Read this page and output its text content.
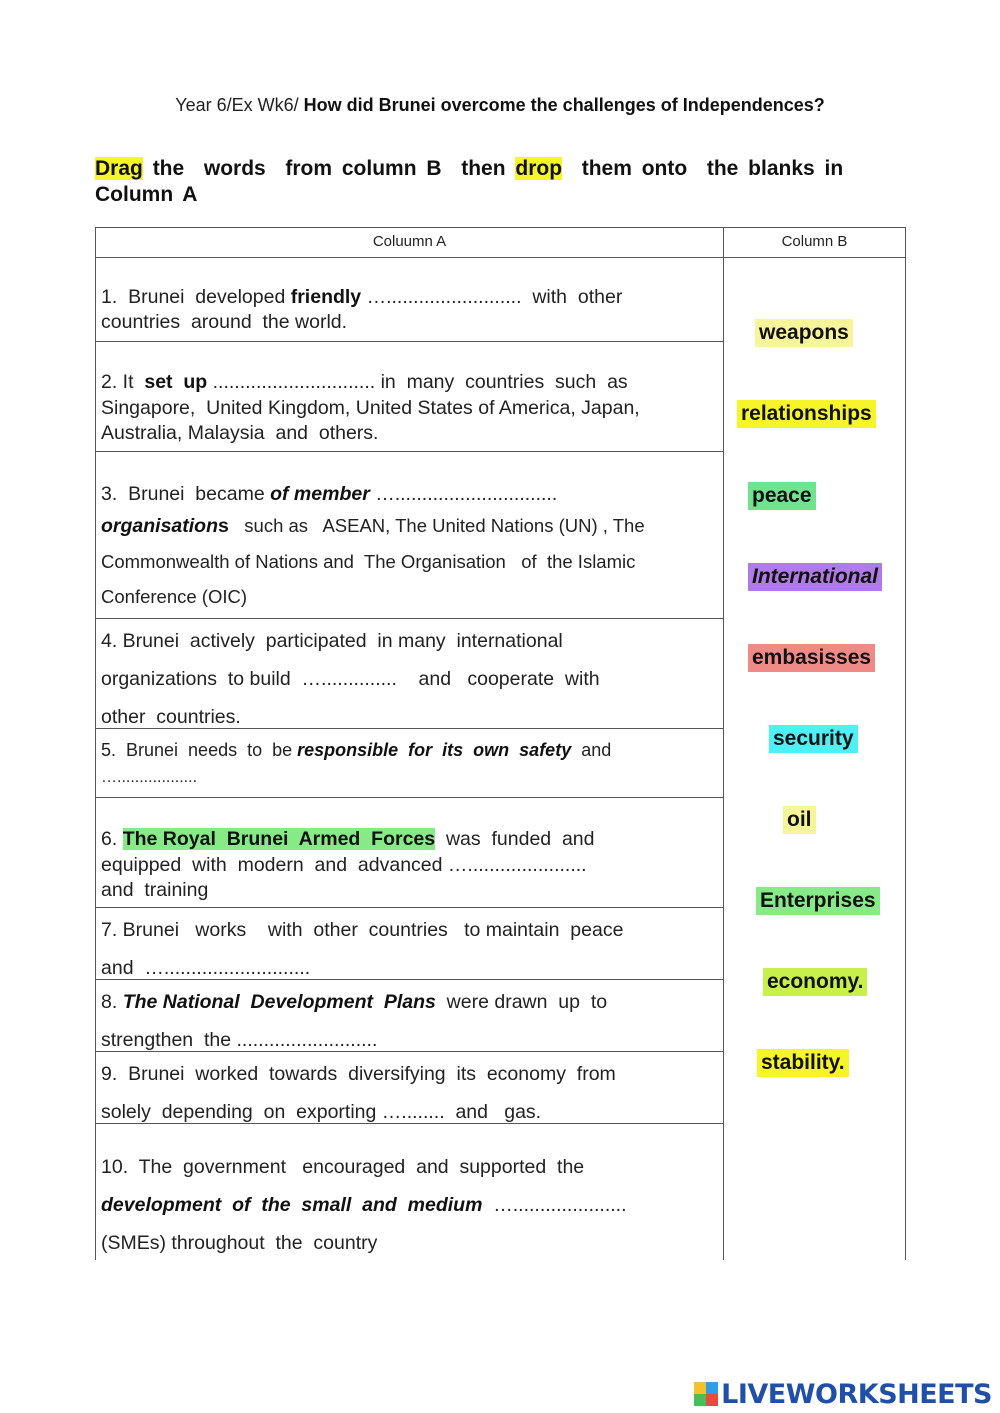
Year 6/Ex Wk6/ How did Brunei overcome the challenges of Independences?
Drag the  words  from column B  then drop  them onto  the blanks in Column A
Coluumn A	Column B
1.  Brunei  developed friendly ….........................  with  other
countries  around  the world.
2. It  set  up .............................. in  many  countries  such  as
Singapore,  United Kingdom, United States of America, Japan,
Australia, Malaysia  and  others.
3.  Brunei  became of member …..............................
organisations   such as   ASEAN, The United Nations (UN) , The
Commonwealth of Nations and  The Organisation   of  the Islamic
Conference (OIC)
4. Brunei  actively  participated  in many  international
organizations  to build  …..............    and   cooperate  with
other  countries.
5.  Brunei  needs  to  be responsible  for  its  own  safety  and
…..................
6. The Royal  Brunei  Armed  Forces  was  funded  and
equipped  with  modern  and  advanced …......................
and  training
7. Brunei   works    with  other  countries   to maintain  peace
and  …...........................
8. The National  Development  Plans  were drawn  up  to
strengthen  the ..........................
9.  Brunei  worked  towards  diversifying  its  economy  from
solely  depending  on  exporting …........  and   gas.
10.  The  government   encouraged  and  supported  the
development  of  the  small  and  medium  ….....................
(SMEs) throughout  the  country
weapons
relationships
peace
International
embasisses
security
oil
Enterprises
economy.
stability.
LIVEWORKSHEETS
